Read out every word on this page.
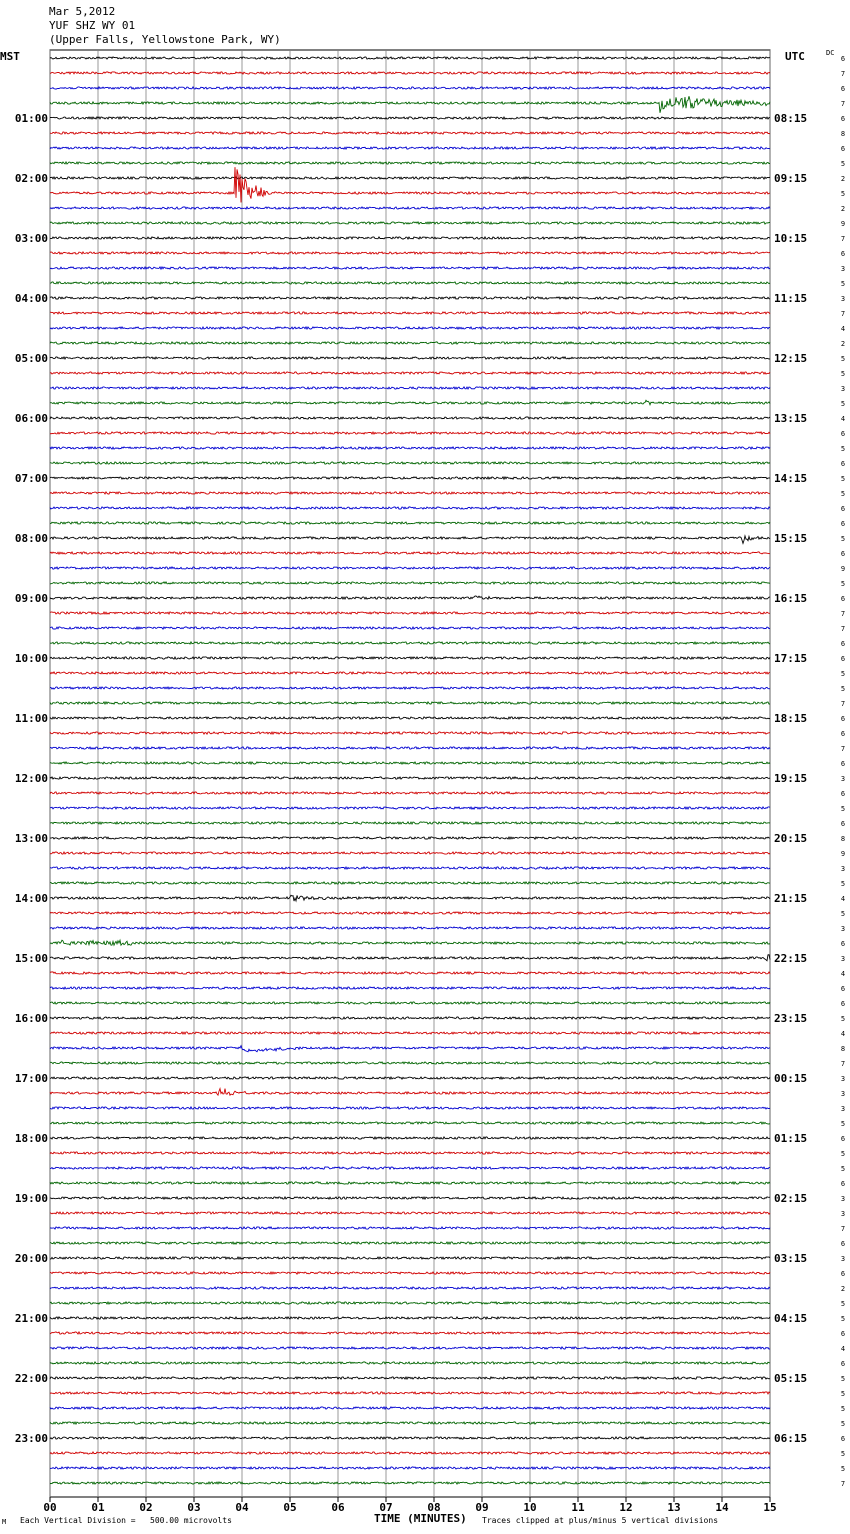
Mar 5,2012
YUF SHZ WY 01
(Upper Falls, Yellowstone Park, WY)
MST	UTC	DC
00	01	02	03	04	05	06	07	08	09	10	11	12	13	14	15
6
7
6
7
6
01:00	08:15
8
6
5
2
02:00	09:15
5
2
9
7
03:00	10:15
6
3
5
3
04:00	11:15
7
4
2
5
05:00	12:15
5
3
5
4
06:00	13:15
6
5
6
5
07:00	14:15
5
6
6
5
08:00	15:15
6
9
5
6
09:00	16:15
7
7
6
6
10:00	17:15
5
5
7
6
11:00	18:15
6
7
6
3
12:00	19:15
6
5
6
8
13:00	20:15
9
3
5
4
14:00	21:15
5
3
6
3
15:00	22:15
4
6
6
5
16:00	23:15
4
8
7
3
17:00	00:15
3
3
5
6
18:00	01:15
5
5
6
3
19:00	02:15
3
7
6
3
20:00	03:15
6
2
5
5
21:00	04:15
6
4
6
5
22:00	05:15
5
5
5
6
23:00	06:15
5
5
7
M Each Vertical Division =   500.00 microvolts	TIME (MINUTES) Traces clipped at plus/minus 5 vertical divisions
